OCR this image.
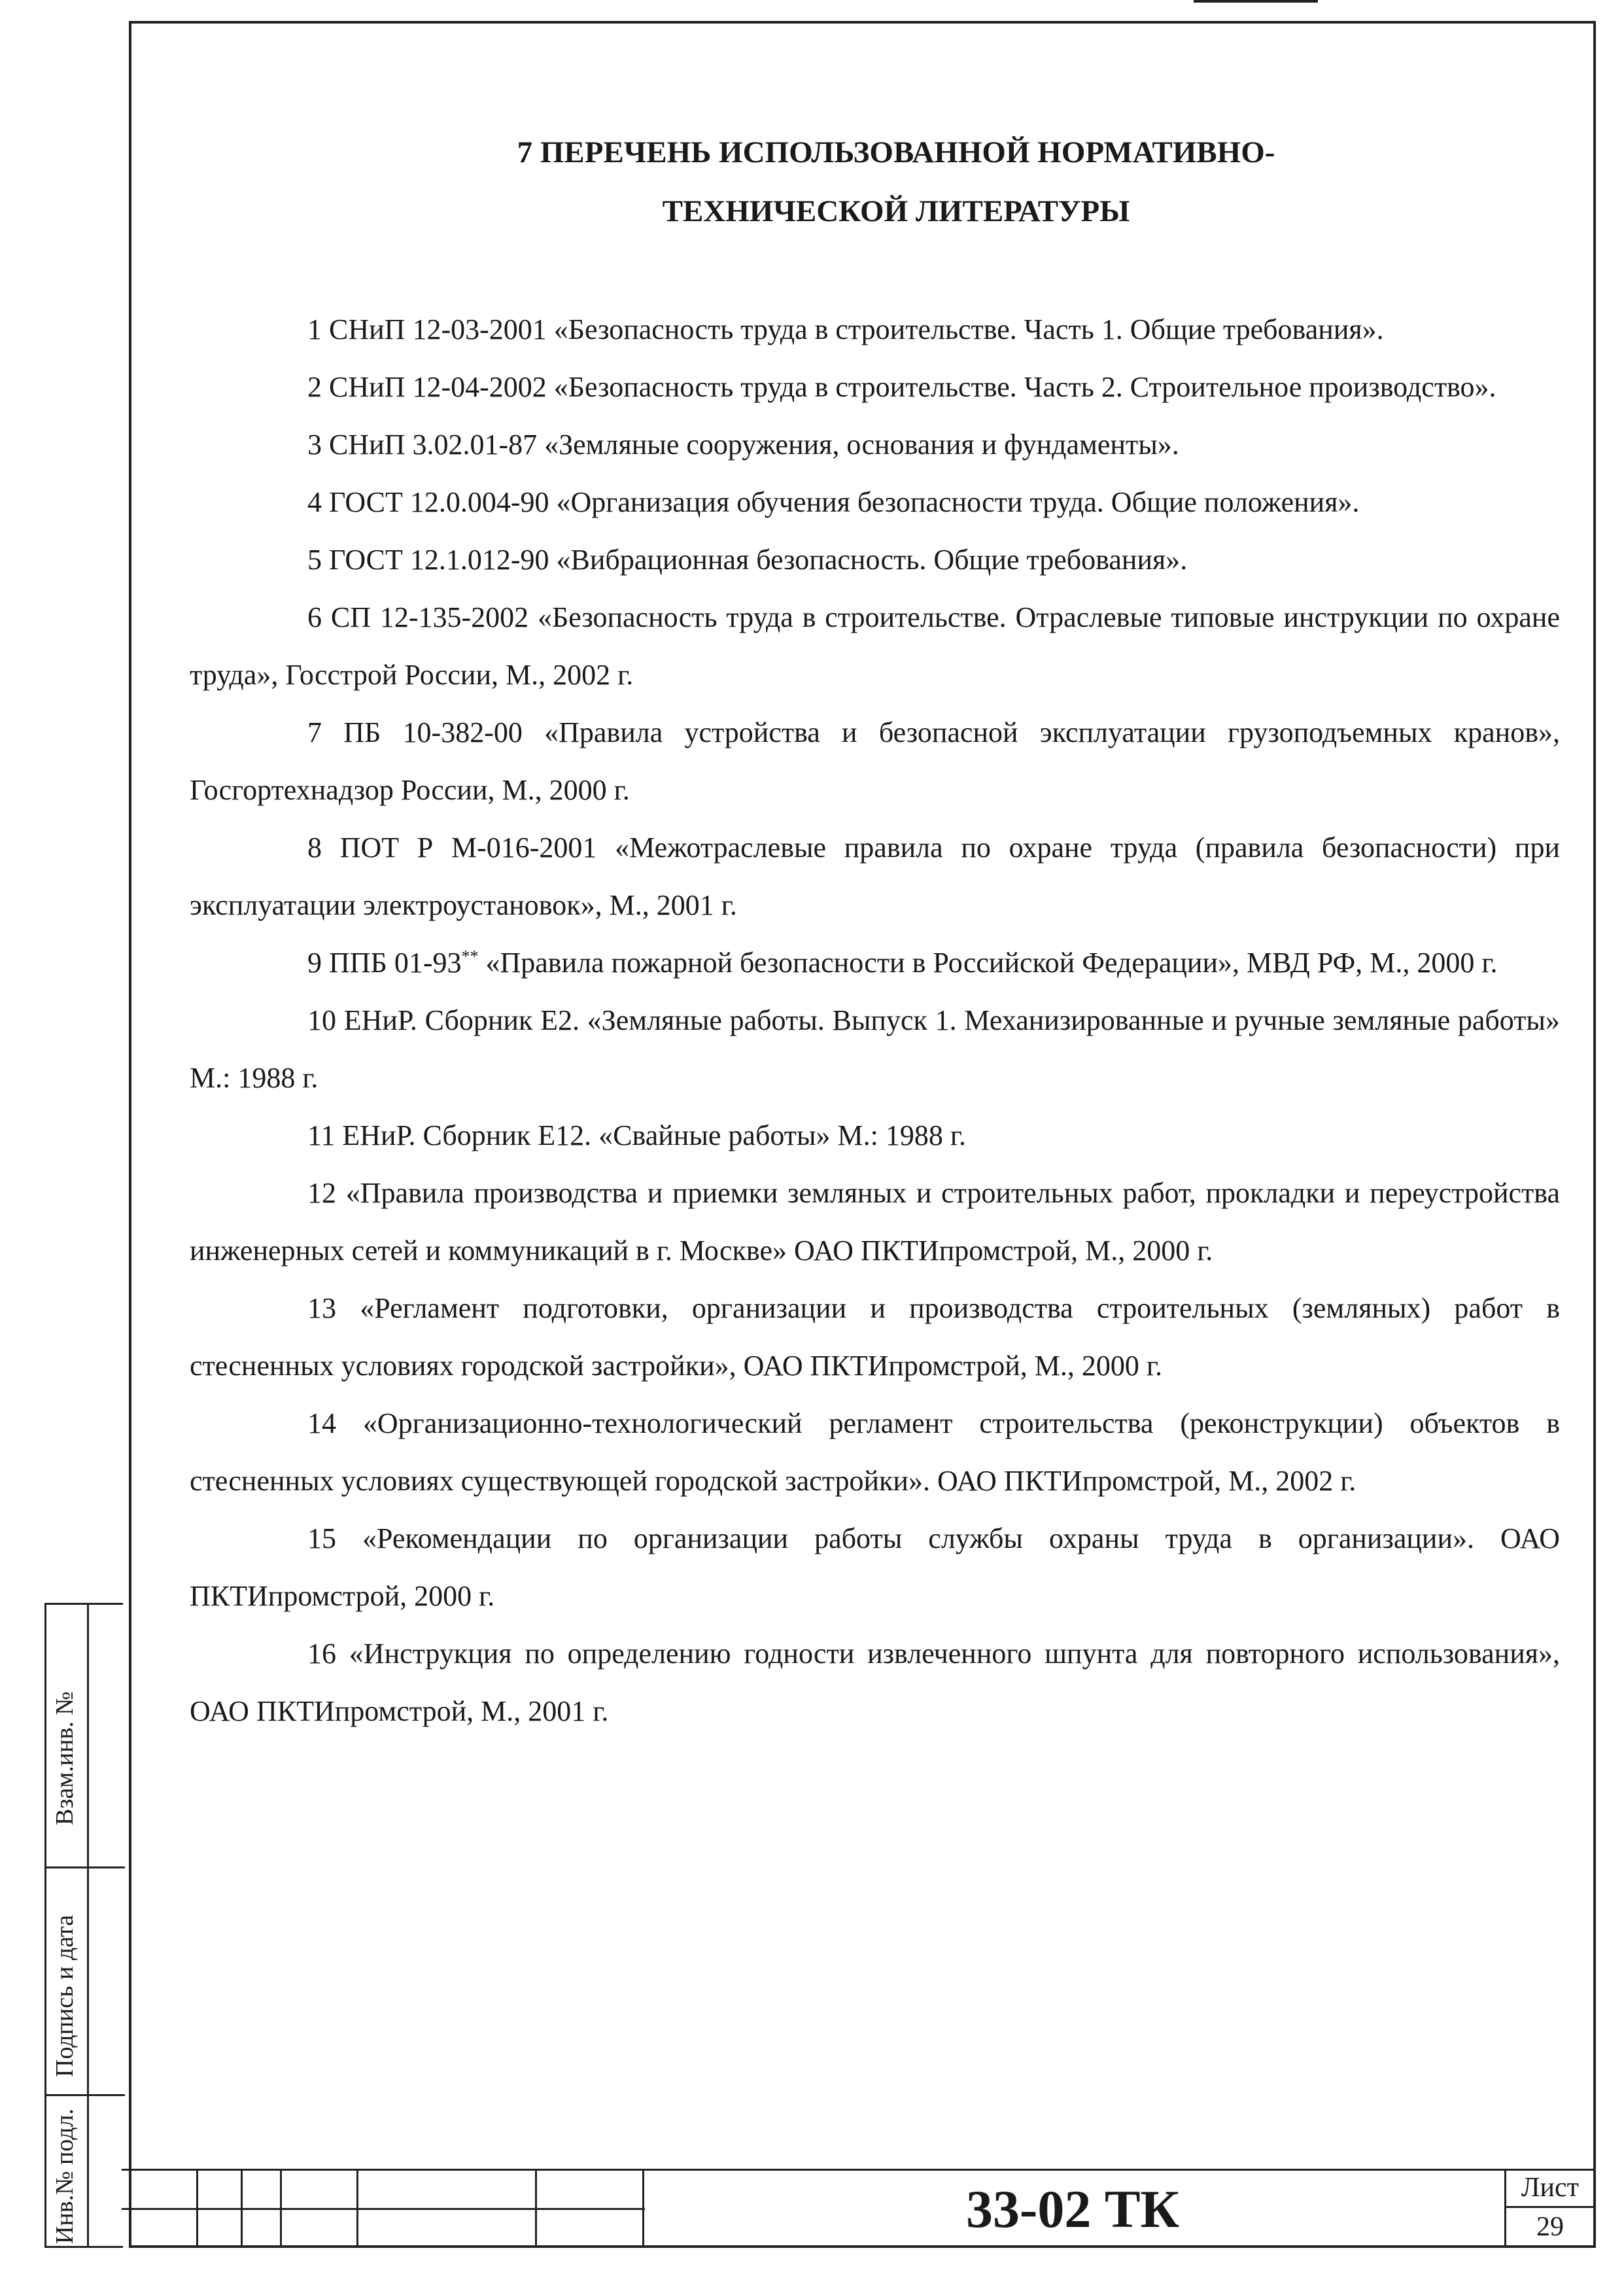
Взам.инв. №
Подпись и дата
Инв.№ подл.
7 ПЕРЕЧЕНЬ ИСПОЛЬЗОВАННОЙ НОРМАТИВНО-
ТЕХНИЧЕСКОЙ ЛИТЕРАТУРЫ

1 СНиП 12-03-2001 «Безопасность труда в строительстве. Часть 1. Общие требования».

2 СНиП 12-04-2002 «Безопасность труда в строительстве. Часть 2. Строительное производство».

3 СНиП 3.02.01-87 «Земляные сооружения, основания и фундаменты».

4 ГОСТ 12.0.004-90 «Организация обучения безопасности труда. Общие положения».

5 ГОСТ 12.1.012-90 «Вибрационная безопасность. Общие требования».

6 СП 12-135-2002 «Безопасность труда в строительстве. Отраслевые типовые инструкции по охране труда», Госстрой России, М., 2002 г.

7 ПБ 10-382-00 «Правила устройства и безопасной эксплуатации грузоподъемных кранов», Госгортехнадзор России, М., 2000 г.

8 ПОТ Р М-016-2001 «Межотраслевые правила по охране труда (правила безопасности) при эксплуатации электроустановок», М., 2001 г.

9 ППБ 01-93** «Правила пожарной безопасности в Российской Федерации», МВД РФ, М., 2000 г.

10 ЕНиР. Сборник Е2. «Земляные работы. Выпуск 1. Механизированные и ручные земляные работы» М.: 1988 г.

11 ЕНиР. Сборник Е12. «Свайные работы» М.: 1988 г.

12 «Правила производства и приемки земляных и строительных работ, прокладки и переустройства инженерных сетей и коммуникаций в г. Москве» ОАО ПКТИпромстрой, М., 2000 г.

13 «Регламент подготовки, организации и производства строительных (земляных) работ в стесненных условиях городской застройки», ОАО ПКТИпромстрой, М., 2000 г.

14 «Организационно-технологический регламент строительства (реконструкции) объектов в стесненных условиях существующей городской застройки». ОАО ПКТИпромстрой, М., 2002 г.

15 «Рекомендации по организации работы службы охраны труда в организации». ОАО ПКТИпромстрой, 2000 г.

16 «Инструкция по определению годности извлеченного шпунта для повторного использования», ОАО ПКТИпромстрой, М., 2001 г.

33-02 ТК	Лист
29
